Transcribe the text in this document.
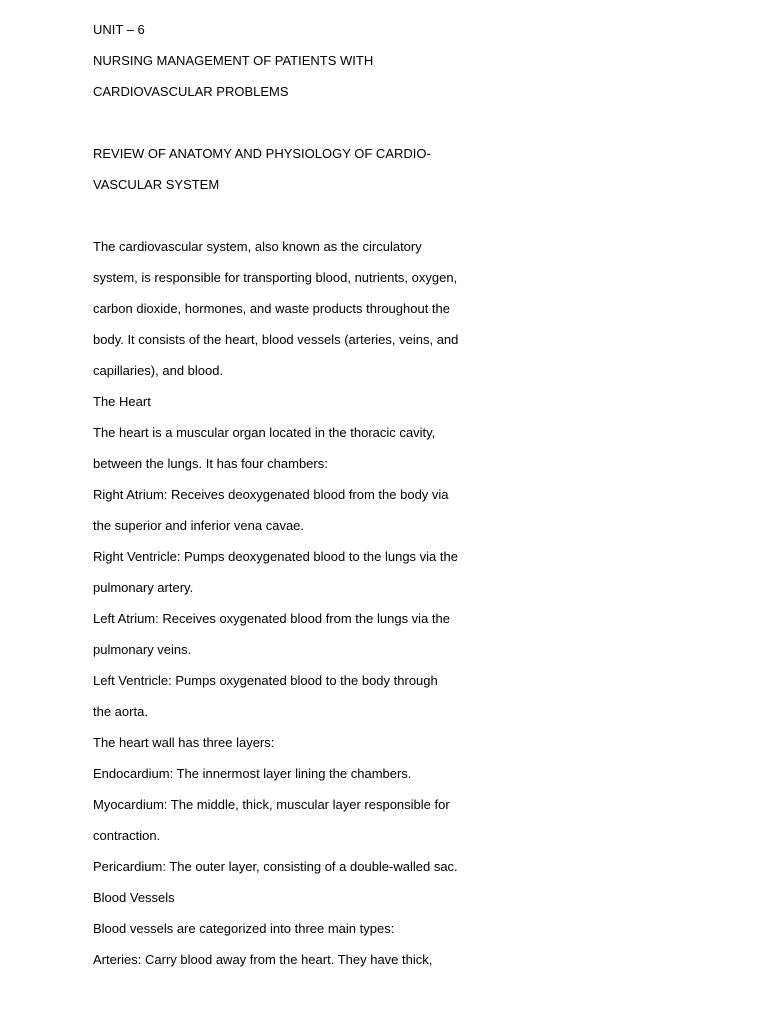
UNIT – 6
NURSING MANAGEMENT OF PATIENTS WITH
CARDIOVASCULAR PROBLEMS
REVIEW OF ANATOMY AND PHYSIOLOGY OF CARDIO-
VASCULAR SYSTEM
The cardiovascular system, also known as the circulatory
system, is responsible for transporting blood, nutrients, oxygen,
carbon dioxide, hormones, and waste products throughout the
body. It consists of the heart, blood vessels (arteries, veins, and
capillaries), and blood.
The Heart
The heart is a muscular organ located in the thoracic cavity,
between the lungs. It has four chambers:
Right Atrium: Receives deoxygenated blood from the body via
the superior and inferior vena cavae.
Right Ventricle: Pumps deoxygenated blood to the lungs via the
pulmonary artery.
Left Atrium: Receives oxygenated blood from the lungs via the
pulmonary veins.
Left Ventricle: Pumps oxygenated blood to the body through
the aorta.
The heart wall has three layers:
Endocardium: The innermost layer lining the chambers.
Myocardium: The middle, thick, muscular layer responsible for
contraction.
Pericardium: The outer layer, consisting of a double-walled sac.
Blood Vessels
Blood vessels are categorized into three main types:
Arteries: Carry blood away from the heart. They have thick,
